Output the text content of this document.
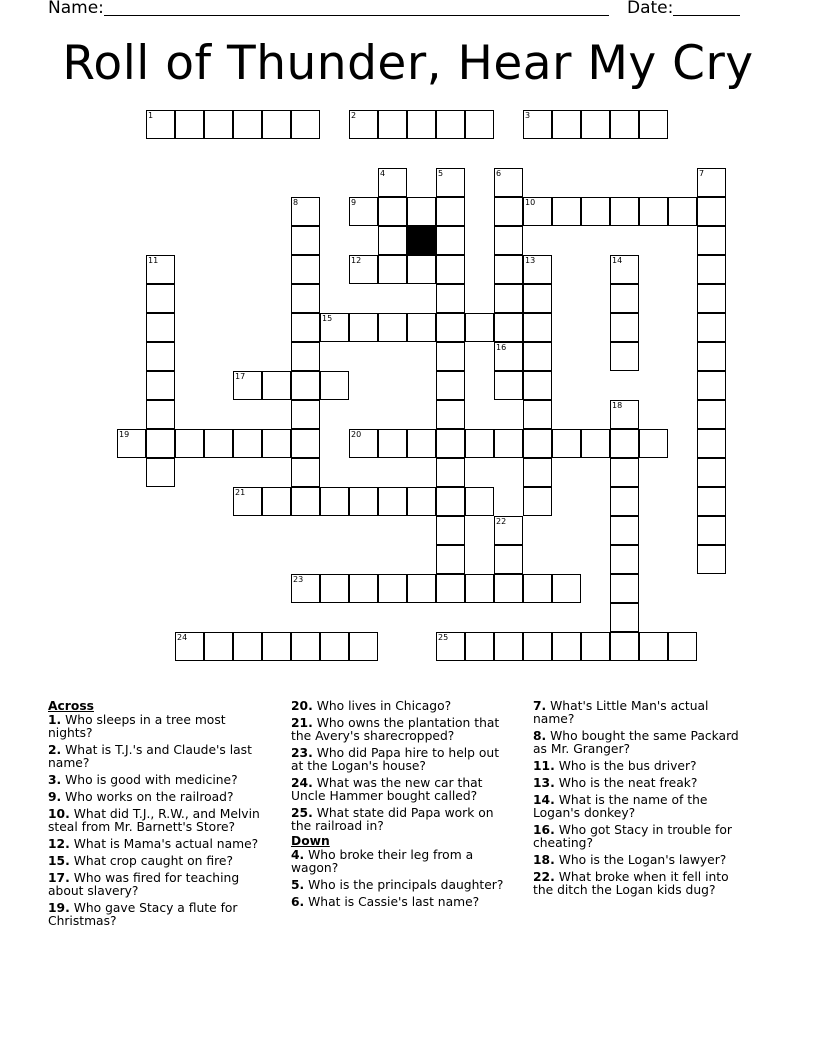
Name:	Date:
Roll of Thunder, Hear My Cry
1	2	3
4	5	6	7
8	9	10
11	12	13	14
15
16
17
18
19	20
21
22
23
24	25
Across
1. Who sleeps in a tree most nights?
2. What is T.J.'s and Claude's last name?
3. Who is good with medicine?
9. Who works on the railroad?
10. What did T.J., R.W., and Melvin steal from Mr. Barnett's Store?
12. What is Mama's actual name?
15. What crop caught on fire?
17. Who was fired for teaching about slavery?
19. Who gave Stacy a flute for Christmas?
20. Who lives in Chicago?
21. Who owns the plantation that the Avery's sharecropped?
23. Who did Papa hire to help out at the Logan's house?
24. What was the new car that Uncle Hammer bought called?
25. What state did Papa work on the railroad in?
Down
4. Who broke their leg from a wagon?
5. Who is the principals daughter?
6. What is Cassie's last name?
7. What's Little Man's actual name?
8. Who bought the same Packard as Mr. Granger?
11. Who is the bus driver?
13. Who is the neat freak?
14. What is the name of the Logan's donkey?
16. Who got Stacy in trouble for cheating?
18. Who is the Logan's lawyer?
22. What broke when it fell into the ditch the Logan kids dug?
